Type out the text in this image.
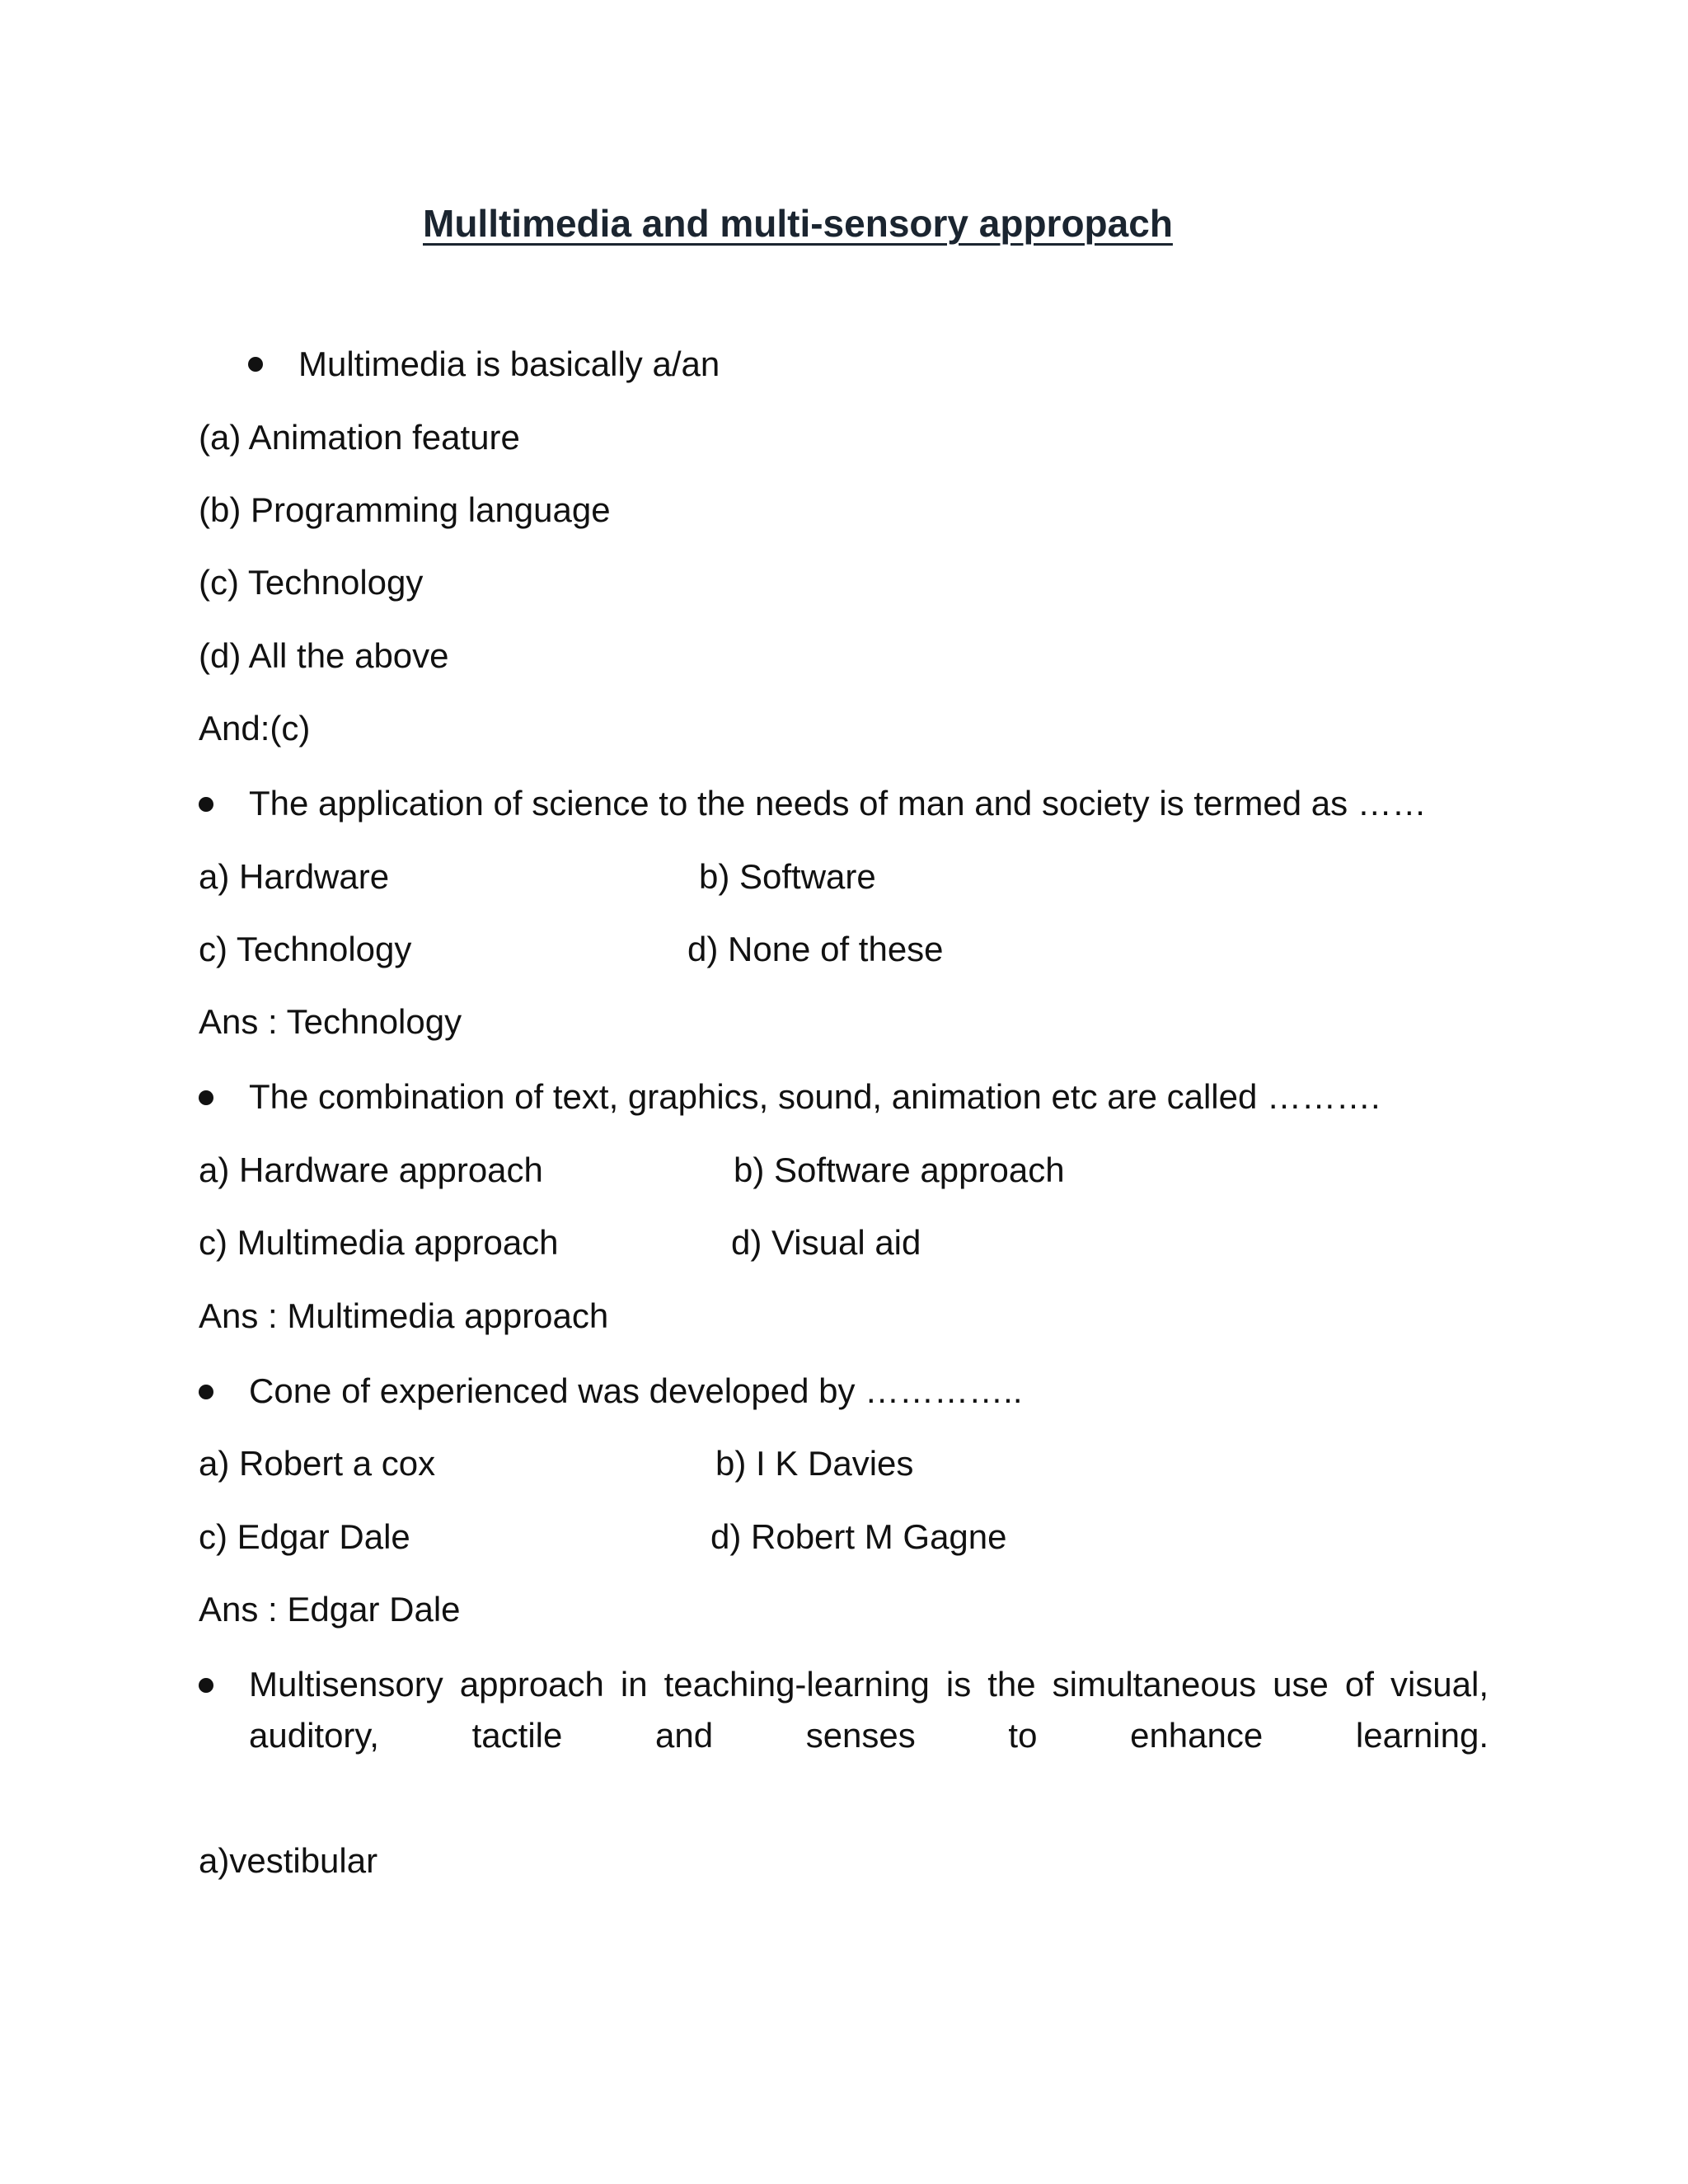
Mulltimedia and multi-sensory appropach
Multimedia is basically a/an
(a) Animation feature
(b) Programming language
(c) Technology
(d) All the above
And:(c)
The application of science to the needs of man and society is termed as ……
a) Hardware	b) Software
c) Technology	d) None of these
Ans : Technology
The combination of text, graphics, sound, animation etc are called ……….
a) Hardware approach	b) Software approach
c) Multimedia approach	d) Visual aid
Ans : Multimedia approach
Cone of experienced was developed by …………..
a) Robert a cox	b) I K Davies
c) Edgar Dale	d) Robert M Gagne
Ans : Edgar Dale
Multisensory approach in teaching-learning is the simultaneous use of visual,
auditory, tactile and senses to enhance learning.
a)vestibular
